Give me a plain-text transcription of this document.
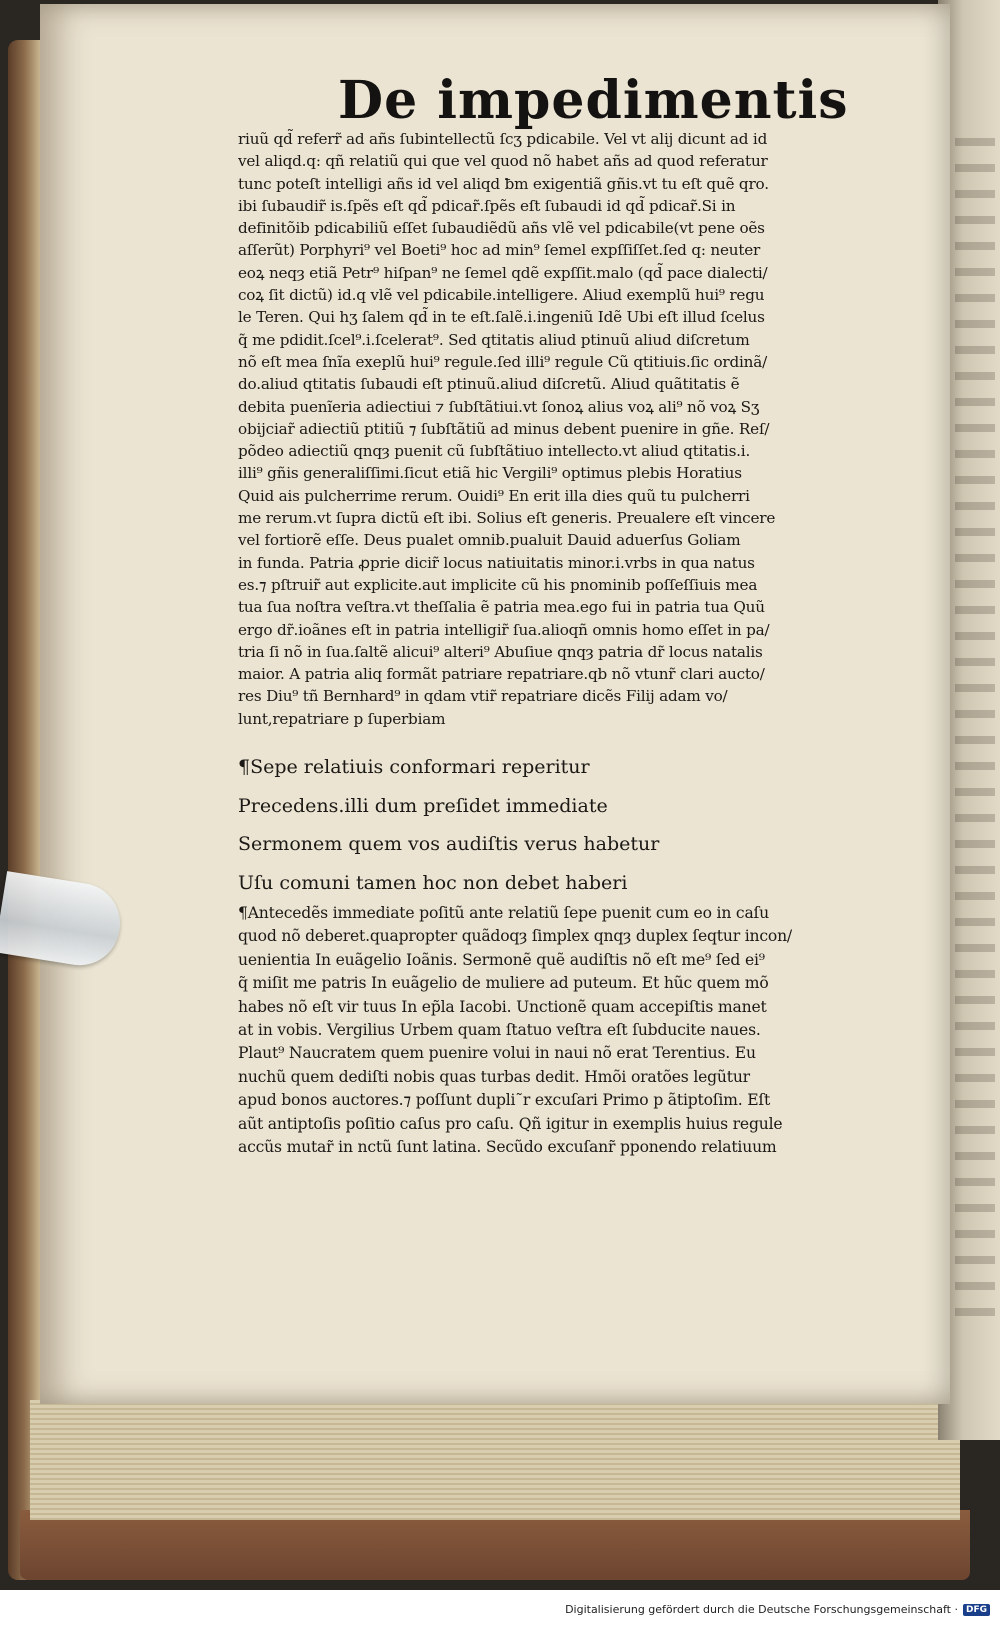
De impedimentis
riuũ qd̃ referr̃ ad añs ſubintellectũ ſcʒ pdicabile. Vel vt alij dicunt ad id
vel aliqd.q: qñ relatiũ qui que vel quod nõ habet añs ad quod referatur
tunc poteſt intelligi añs id vel aliqd ƀm exigentiã gñis.vt tu eſt quẽ qro.
ibi ſubaudir̃ is.ſpẽs eſt qd̃ pdicar̃.ſpẽs eſt ſubaudi id qd̃ pdicar̃.Si in
definitõib pdicabiliũ eſſet ſubaudiẽdũ añs vlẽ vel pdicabile(vt pene oẽs
aſſerũt) Porphyri⁹ vel Boeti⁹ hoc ad min⁹ ſemel expſſiſſet.ſed q: neuter
eoꝝ neqȝ etiã Petr⁹ hiſpan⁹ ne ſemel qdẽ expſſit.malo (qd̃ pace dialecti/
coꝝ ſit dictũ) id.q vlẽ vel pdicabile.intelligere. Aliud exemplũ hui⁹ regu
le Teren. Qui hʒ ſalem qd̃ in te eſt.ſalẽ.i.ingeniũ Idẽ Ubi eſt illud ſcelus
q̃ me pdidit.ſcel⁹.i.ſcelerat⁹. Sed qtitatis aliud ptinuũ aliud diſcretum
nõ eſt mea ſnĩa exeplũ hui⁹ regule.ſed illi⁹ regule Cũ qtitiuis.ſic ordinã/
do.aliud qtitatis ſubaudi eſt ptinuũ.aliud diſcretũ. Aliud quãtitatis ẽ
debita puenĩeria adiectiui ⁊ ſubſtãtiui.vt ſonoꝝ alius voꝝ ali⁹ nõ voꝝ Sʒ
obijciar̃ adiectiũ ptitiũ ⁊ ſubſtãtiũ ad minus debent puenire in gñe. Reſ/
põdeo adiectiũ qnqȝ puenit cũ ſubſtãtiuo intellecto.vt aliud qtitatis.i.
illi⁹ gñis generaliſſimi.ſicut etiã hic Vergili⁹ optimus plebis Horatius
Quid ais pulcherrime rerum. Ouidi⁹ En erit illa dies quũ tu pulcherri
me rerum.vt ſupra dictũ eſt ibi. Solius eſt generis. Preualere eſt vincere
vel fortiorẽ eſſe. Deus pualet omnib.pualuit Dauid aduerſus Goliam
in funda. Patria ꝓprie dicir̃ locus natiuitatis minor.i.vrbs in qua natus
es.⁊ pſtruir̃ aut explicite.aut implicite cũ his pnominib poſſeſſiuis mea
tua ſua noſtra veſtra.vt theſſalia ẽ patria mea.ego fui in patria tua Quũ
ergo dr̃.ioãnes eſt in patria intelligir̃ ſua.alioqñ omnis homo eſſet in pa/
tria ſi nõ in ſua.ſaltẽ alicui⁹ alteri⁹ Abuſiue qnqȝ patria dr̃ locus natalis
maior. A patria aliq formãt patriare repatriare.qb nõ vtunr̃ clari aucto/
res Diu⁹ tñ Bernhard⁹ in qdam vtir̃ repatriare dicẽs Filij adam vo/
lunt,repatriare p ſuperbiam
¶Sepe relatiuis conformari reperitur
Precedens.illi dum preſidet immediate
Sermonem quem vos audiſtis verus habetur
Uſu comuni tamen hoc non debet haberi
¶Antecedẽs immediate poſitũ ante relatiũ ſepe puenit cum eo in caſu
quod nõ deberet.quapropter quãdoqȝ ſimplex qnqȝ duplex ſeqtur incon/
uenientia In euãgelio Ioãnis. Sermonẽ quẽ audiſtis nõ eſt me⁹ ſed ei⁹
q̃ miſit me patris In euãgelio de muliere ad puteum. Et hũc quem mõ
habes nõ eſt vir tuus In ep̃la Iacobi. Unctionẽ quam accepiſtis manet
at in vobis. Vergilius Urbem quam ſtatuo veſtra eſt ſubducite naues.
Plaut⁹ Naucratem quem puenire volui in naui nõ erat Terentius. Eu
nuchũ quem dediſti nobis quas turbas dedit. Hmõi oratões legũtur
apud bonos auctores.⁊ poſſunt dupli˜r excuſari Primo p ãtiptoſim. Eſt
aũt antiptoſis poſitio caſus pro caſu. Qñ igitur in exemplis huius regule
accũs mutar̃ in nctũ ſunt latina. Secũdo excuſanr̃ pponendo relatiuum
Digitalisierung gefördert durch die Deutsche Forschungsgemeinschaft · DFG
